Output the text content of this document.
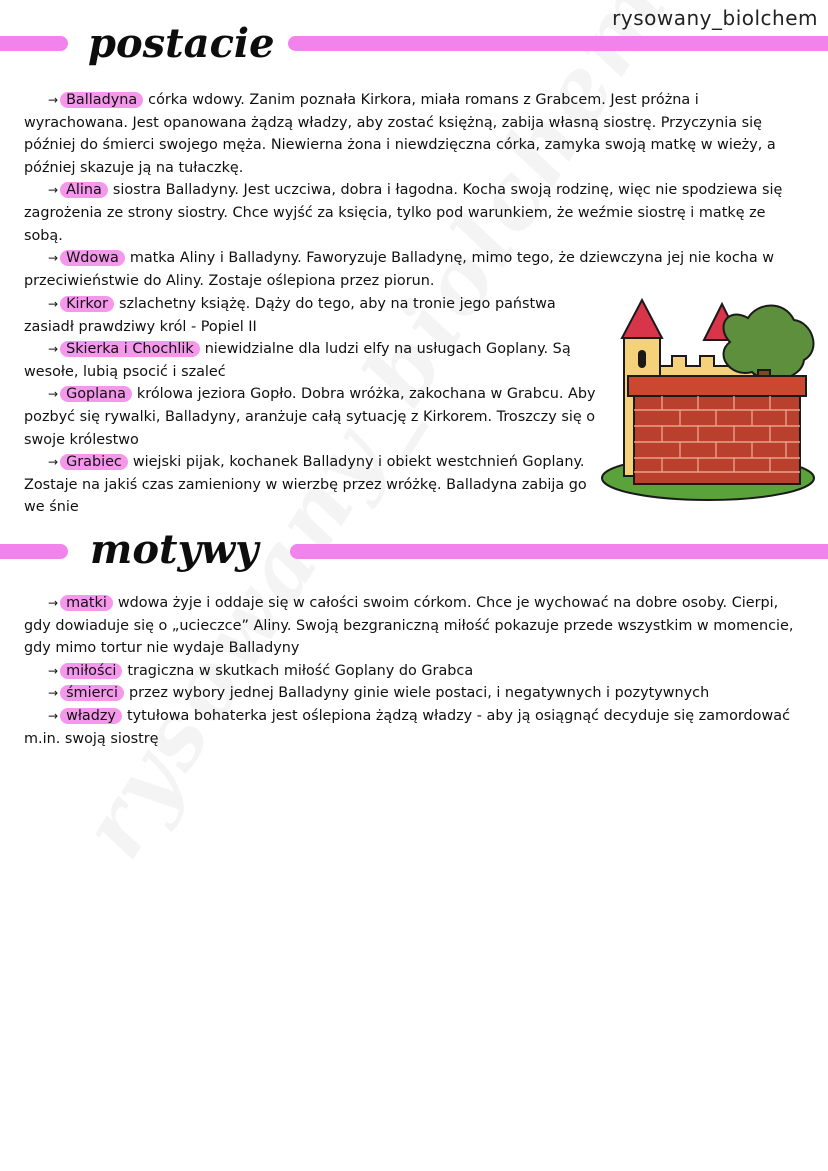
rysowany_biolchem
postacie

→ Balladyna córka wdowy. Zanim poznała Kirkora, miała romans z Grabcem. Jest próżna i wyrachowana. Jest opanowana żądzą władzy, aby zostać księżną, zabija własną siostrę. Przyczynia się później do śmierci swojego męża. Niewierna żona i niewdzięczna córka, zamyka swoją matkę w wieży, a później skazuje ją na tułaczkę.

→ Alina siostra Balladyny. Jest uczciwa, dobra i łagodna. Kocha swoją rodzinę, więc nie spodziewa się zagrożenia ze strony siostry. Chce wyjść za księcia, tylko pod warunkiem, że weźmie siostrę i matkę ze sobą.

→ Wdowa matka Aliny i Balladyny. Faworyzuje Balladynę, mimo tego, że dziewczyna jej nie kocha w przeciwieństwie do Aliny. Zostaje oślepiona przez piorun.

→ Kirkor szlachetny książę. Dąży do tego, aby na tronie jego państwa zasiadł prawdziwy król - Popiel II

→ Skierka i Chochlik niewidzialne dla ludzi elfy na usługach Goplany. Są wesołe, lubią psocić i szaleć

→ Goplana królowa jeziora Gopło. Dobra wróżka, zakochana w Grabcu. Aby pozbyć się rywalki, Balladyny, aranżuje całą sytuację z Kirkorem. Troszczy się o swoje królestwo

→ Grabiec wiejski pijak, kochanek Balladyny i obiekt westchnień Goplany. Zostaje na jakiś czas zamieniony w wierzbę przez wróżkę. Balladyna zabija go we śnie

motywy

→ matki wdowa żyje i oddaje się w całości swoim córkom. Chce je wychować na dobre osoby. Cierpi, gdy dowiaduje się o „ucieczce” Aliny. Swoją bezgraniczną miłość pokazuje przede wszystkim w momencie, gdy mimo tortur nie wydaje Balladyny

→ miłości tragiczna w skutkach miłość Goplany do Grabca

→ śmierci przez wybory jednej Balladyny ginie wiele postaci, i negatywnych i pozytywnych

→ władzy tytułowa bohaterka jest oślepiona żądzą władzy - aby ją osiągnąć decyduje się zamordować m.in. swoją siostrę
